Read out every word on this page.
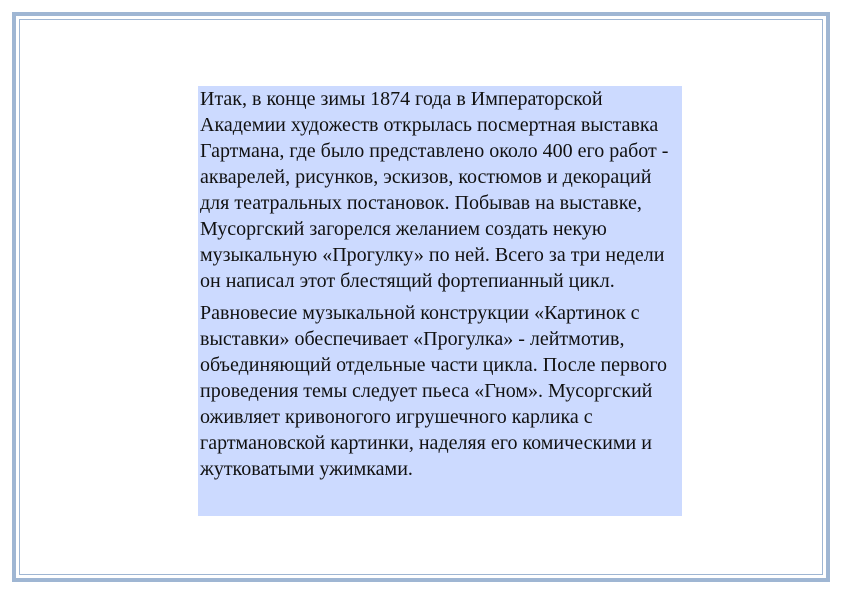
Итак, в конце зимы 1874 года в Императорской Академии художеств открылась посмертная выставка Гартмана, где было представлено около 400 его работ - акварелей, рисунков, эскизов, костюмов и декораций для театральных постановок. Побывав на выставке, Мусоргский загорелся желанием создать некую музыкальную «Прогулку» по ней. Всего за три недели он написал этот блестящий фортепианный цикл.

Равновесие музыкальной конструкции «Картинок с выставки» обеспечивает «Прогулка» - лейтмотив, объединяющий отдельные части цикла. После первого проведения темы следует пьеса «Гном». Мусоргский оживляет кривоногого игрушечного карлика с гартмановской картинки, наделяя его комическими и жутковатыми ужимками.
